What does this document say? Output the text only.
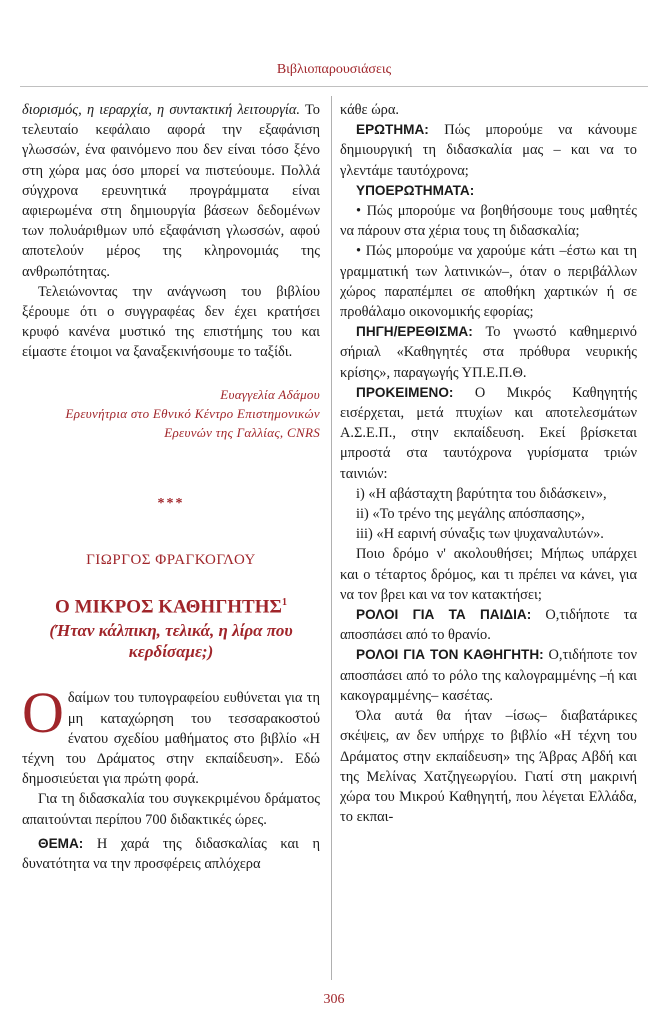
Βιβλιοπαρουσιάσεις

διορισμός, η ιεραρχία, η συντακτική λειτουργία. Το τελευταίο κεφάλαιο αφορά την εξαφάνιση γλωσσών, ένα φαινόμενο που δεν είναι τόσο ξένο στη χώρα μας όσο μπορεί να πιστεύουμε. Πολλά σύγχρονα ερευνητικά προγράμματα είναι αφιερωμένα στη δημιουργία βάσεων δεδομένων των πολυάριθμων υπό εξαφάνιση γλωσσών, αφού αποτελούν μέρος της κληρονομιάς της ανθρωπότητας.

Τελειώνοντας την ανάγνωση του βιβλίου ξέρουμε ότι ο συγγραφέας δεν έχει κρατήσει κρυφό κανένα μυστικό της επιστήμης του και είμαστε έτοιμοι να ξαναξεκινήσουμε το ταξίδι.

Ευαγγελία Αδάμου
Ερευνήτρια στο Εθνικό Κέντρο Επιστημονικών Ερευνών της Γαλλίας, CNRS
***
ΓΙΩΡΓΟΣ ΦΡΑΓΚΟΓΛΟΥ
Ο ΜΙΚΡΟΣ ΚΑΘΗΓΗΤΗΣ$^1$
(Ήταν κάλπικη, τελικά, η λίρα που κερδίσαμε;)
Ο δαίμων του τυπογραφείου ευθύνεται για τη μη καταχώρηση του τεσσαρακοστού ένατου σχεδίου μαθήματος στο βιβλίο «Η τέχνη του Δράματος στην εκπαίδευση». Εδώ δημοσιεύεται για πρώτη φορά.

Για τη διδασκαλία του συγκεκριμένου δράματος απαιτούνται περίπου 700 διδακτικές ώρες.

ΘΕΜΑ: Η χαρά της διδασκαλίας και η δυνατότητα να την προσφέρεις απλόχερα

κάθε ώρα.

ΕΡΩΤΗΜΑ: Πώς μπορούμε να κάνουμε δημιουργική τη διδασκαλία μας – και να το γλεντάμε ταυτόχρονα;

ΥΠΟΕΡΩΤΗΜΑΤΑ:

• Πώς μπορούμε να βοηθήσουμε τους μαθητές να πάρουν στα χέρια τους τη διδασκαλία;
• Πώς μπορούμε να χαρούμε κάτι –έστω και τη γραμματική των λατινικών–, όταν ο περιβάλλων χώρος παραπέμπει σε αποθήκη χαρτικών ή σε προθάλαμο οικονομικής εφορίας;

ΠΗΓΗ/ΕΡΕΘΙΣΜΑ: Το γνωστό καθημερινό σήριαλ «Καθηγητές στα πρόθυρα νευρικής κρίσης», παραγωγής ΥΠ.Ε.Π.Θ.

ΠΡΟΚΕΙΜΕΝΟ: Ο Μικρός Καθηγητής εισέρχεται, μετά πτυχίων και αποτελεσμάτων Α.Σ.Ε.Π., στην εκπαίδευση. Εκεί βρίσκεται μπροστά στα ταυτόχρονα γυρίσματα τριών ταινιών:

i) «Η αβάσταχτη βαρύτητα του διδάσκειν»,

ii) «Το τρένο της μεγάλης απόσπασης»,

iii) «Η εαρινή σύναξις των ψυχαναλυτών».

Ποιο δρόμο ν' ακολουθήσει; Μήπως υπάρχει και ο τέταρτος δρόμος, και τι πρέπει να κάνει, για να τον βρει και να τον κατακτήσει;

ΡΟΛΟΙ ΓΙΑ ΤΑ ΠΑΙΔΙΑ: Ο,τιδήποτε τα αποσπάσει από το θρανίο.

ΡΟΛΟΙ ΓΙΑ ΤΟΝ ΚΑΘΗΓΗΤΗ: Ο,τιδήποτε τον αποσπάσει από το ρόλο της καλογραμμένης –ή και κακογραμμένης– κασέτας.

Όλα αυτά θα ήταν –ίσως– διαβατάρικες σκέψεις, αν δεν υπήρχε το βιβλίο «Η τέχνη του Δράματος στην εκπαίδευση» της Άβρας Αβδή και της Μελίνας Χατζηγεωργίου. Γιατί στη μακρινή χώρα του Μικρού Καθηγητή, που λέγεται Ελλάδα, το εκπαι-

306
